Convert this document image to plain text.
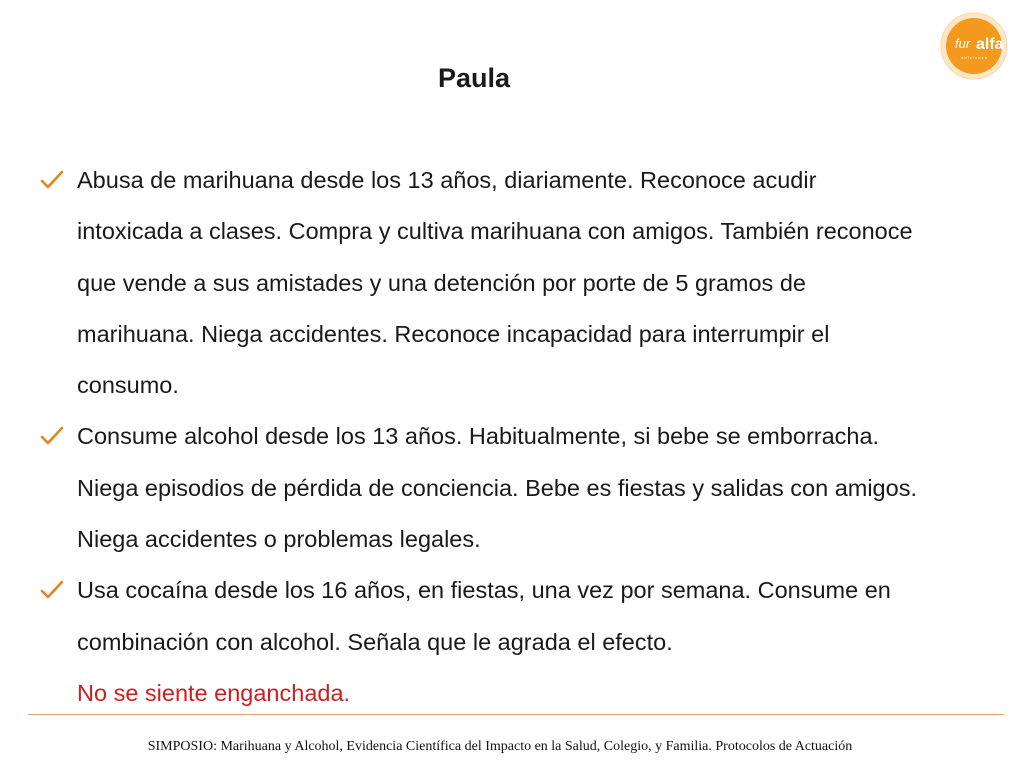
Paula
fur alfa
e d i c i o n e s
Abusa de marihuana desde los 13 años, diariamente. Reconoce acudir intoxicada a clases. Compra y cultiva marihuana con amigos. También reconoce que vende a sus amistades y una detención por porte de 5 gramos de marihuana. Niega accidentes. Reconoce incapacidad para interrumpir el consumo.
Consume alcohol desde los 13 años. Habitualmente, si bebe se emborracha. Niega episodios de pérdida de conciencia. Bebe es fiestas y salidas con amigos. Niega accidentes o problemas legales.
Usa cocaína desde los 16 años, en fiestas, una vez por semana. Consume en combinación con alcohol. Señala que le agrada el efecto.
No se siente enganchada.
SIMPOSIO: Marihuana y Alcohol, Evidencia Científica del Impacto en la Salud, Colegio, y Familia. Protocolos de Actuación
